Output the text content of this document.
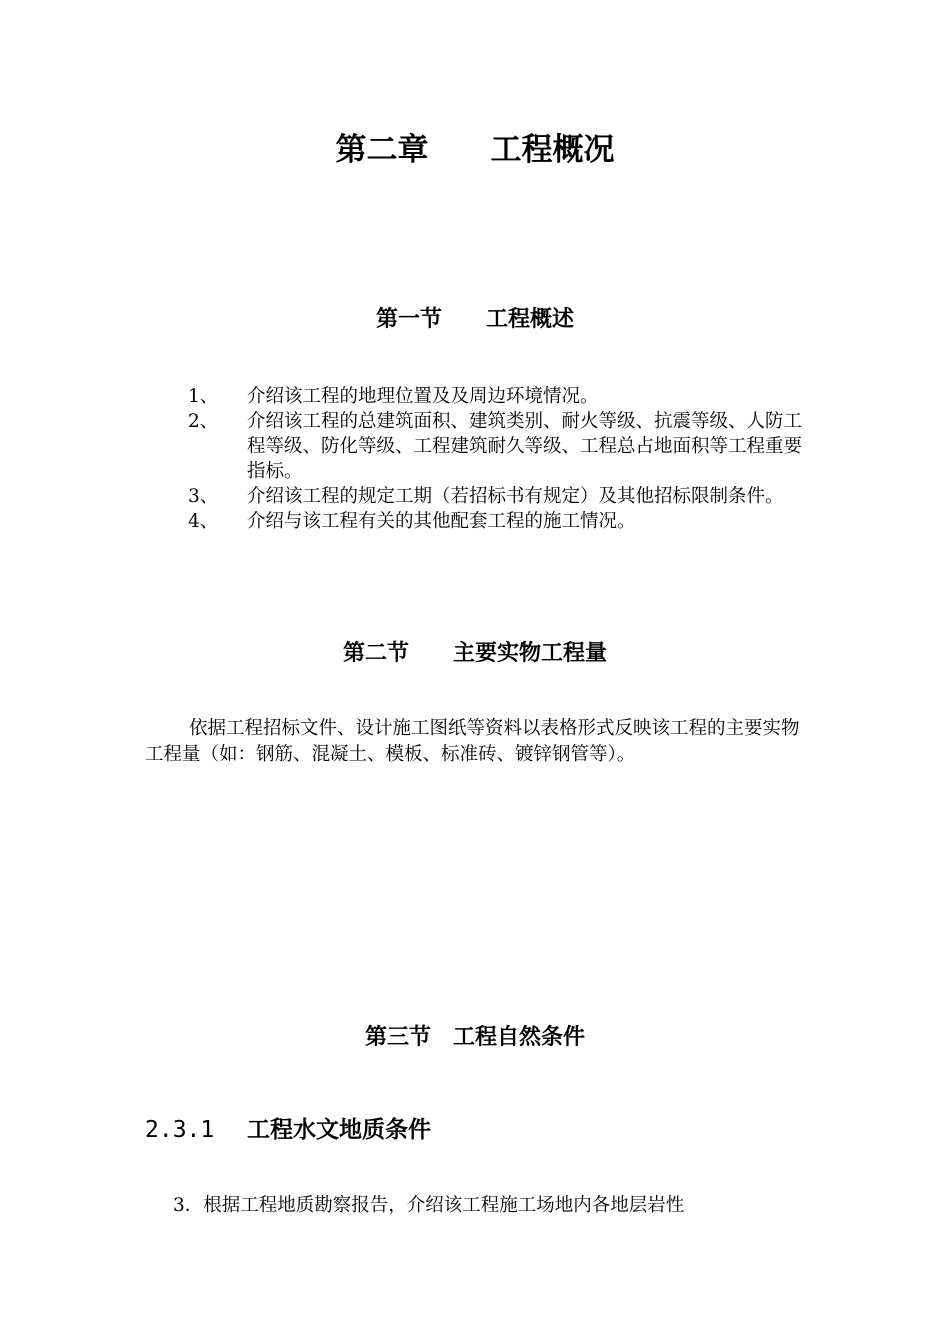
第二章　　工程概况
第一节　　工程概述
1、	介绍该工程的地理位置及及周边环境情况。
2、	介绍该工程的总建筑面积、建筑类别、耐火等级、抗震等级、人防工程等级、防化等级、工程建筑耐久等级、工程总占地面积等工程重要指标。
3、	介绍该工程的规定工期（若招标书有规定）及其他招标限制条件。
4、	介绍与该工程有关的其他配套工程的施工情况。
第二节　　主要实物工程量
依据工程招标文件、设计施工图纸等资料以表格形式反映该工程的主要实物工程量（如：钢筋、混凝土、模板、标准砖、镀锌钢管等）。
第三节　工程自然条件
2.3.1 工程水文地质条件
3．根据工程地质勘察报告，介绍该工程施工场地内各地层岩性
